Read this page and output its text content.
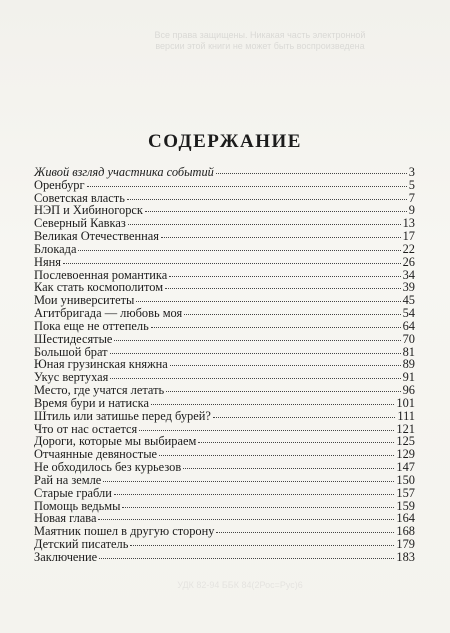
Все права защищены. Никакая часть электронной версии этой книги не может быть воспроизведена
СОДЕРЖАНИЕ
Живой взгляд участника событий	3
Оренбург	5
Советская власть	7
НЭП и Хибиногорск	9
Северный Кавказ	13
Великая Отечественная	17
Блокада	22
Няня	26
Послевоенная романтика	34
Как стать космополитом	39
Мои университеты	45
Агитбригада — любовь моя	54
Пока еще не оттепель	64
Шестидесятые	70
Большой брат	81
Юная грузинская княжна	89
Укус вертухая	91
Место, где учатся летать	96
Время бури и натиска	101
Штиль или затишье перед бурей?	111
Что от нас остается	121
Дороги, которые мы выбираем	125
Отчаянные девяностые	129
Не обходилось без курьезов	147
Рай на земле	150
Старые грабли	157
Помощь ведьмы	159
Новая глава	164
Маятник пошел в другую сторону	168
Детский писатель	179
Заключение	183
УДК 82-94 ББК 84(2Рос=Рус)6
